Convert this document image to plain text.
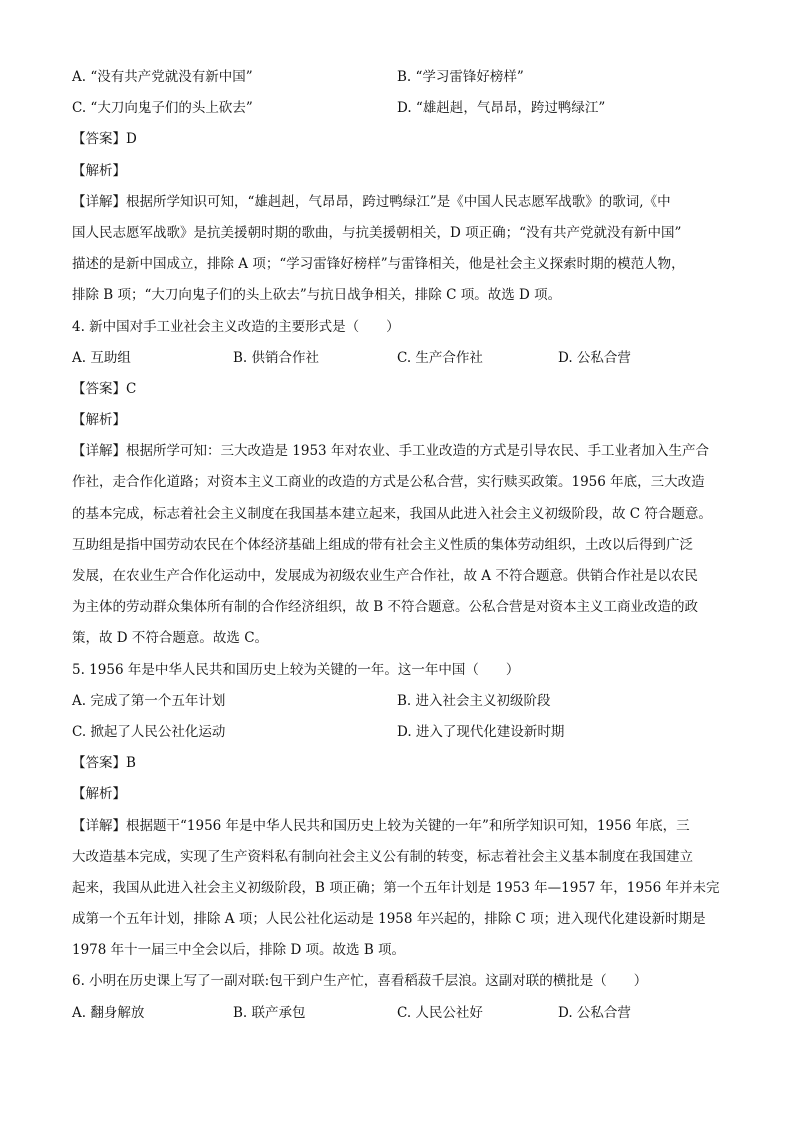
A. “没有共产党就没有新中国”	B. “学习雷锋好榜样”
C. “大刀向鬼子们的头上砍去”	D. “雄赳赳，气昂昂，跨过鸭绿江”
【答案】D
【解析】
【详解】根据所学知识可知，“雄赳赳，气昂昂，跨过鸭绿江”是《中国人民志愿军战歌》的歌词,《中
国人民志愿军战歌》是抗美援朝时期的歌曲，与抗美援朝相关，D 项正确；“没有共产党就没有新中国”
描述的是新中国成立，排除 A 项；“学习雷锋好榜样”与雷锋相关，他是社会主义探索时期的模范人物，
排除 B 项；“大刀向鬼子们的头上砍去”与抗日战争相关，排除 C 项。故选 D 项。
4. 新中国对手工业社会主义改造的主要形式是（　　）
A. 互助组	B. 供销合作社	C. 生产合作社	D. 公私合营
【答案】C
【解析】
【详解】根据所学可知：三大改造是 1953 年对农业、手工业改造的方式是引导农民、手工业者加入生产合
作社，走合作化道路；对资本主义工商业的改造的方式是公私合营，实行赎买政策。1956 年底，三大改造
的基本完成，标志着社会主义制度在我国基本建立起来，我国从此进入社会主义初级阶段，故 C 符合题意。
互助组是指中国劳动农民在个体经济基础上组成的带有社会主义性质的集体劳动组织，土改以后得到广泛
发展，在农业生产合作化运动中，发展成为初级农业生产合作社，故 A 不符合题意。供销合作社是以农民
为主体的劳动群众集体所有制的合作经济组织，故 B 不符合题意。公私合营是对资本主义工商业改造的政
策，故 D 不符合题意。故选 C。
5. 1956 年是中华人民共和国历史上较为关键的一年。这一年中国（　　）
A. 完成了第一个五年计划	B. 进入社会主义初级阶段
C. 掀起了人民公社化运动	D. 进入了现代化建设新时期
【答案】B
【解析】
【详解】根据题干“1956 年是中华人民共和国历史上较为关键的一年”和所学知识可知，1956 年底，三
大改造基本完成，实现了生产资料私有制向社会主义公有制的转变，标志着社会主义基本制度在我国建立
起来，我国从此进入社会主义初级阶段，B 项正确；第一个五年计划是 1953 年—1957 年，1956 年并未完
成第一个五年计划，排除 A 项；人民公社化运动是 1958 年兴起的，排除 C 项；进入现代化建设新时期是
1978 年十一届三中全会以后，排除 D 项。故选 B 项。
6. 小明在历史课上写了一副对联:包干到户生产忙，喜看稻菽千层浪。这副对联的横批是（　　）
A. 翻身解放	B. 联产承包	C. 人民公社好	D. 公私合营
